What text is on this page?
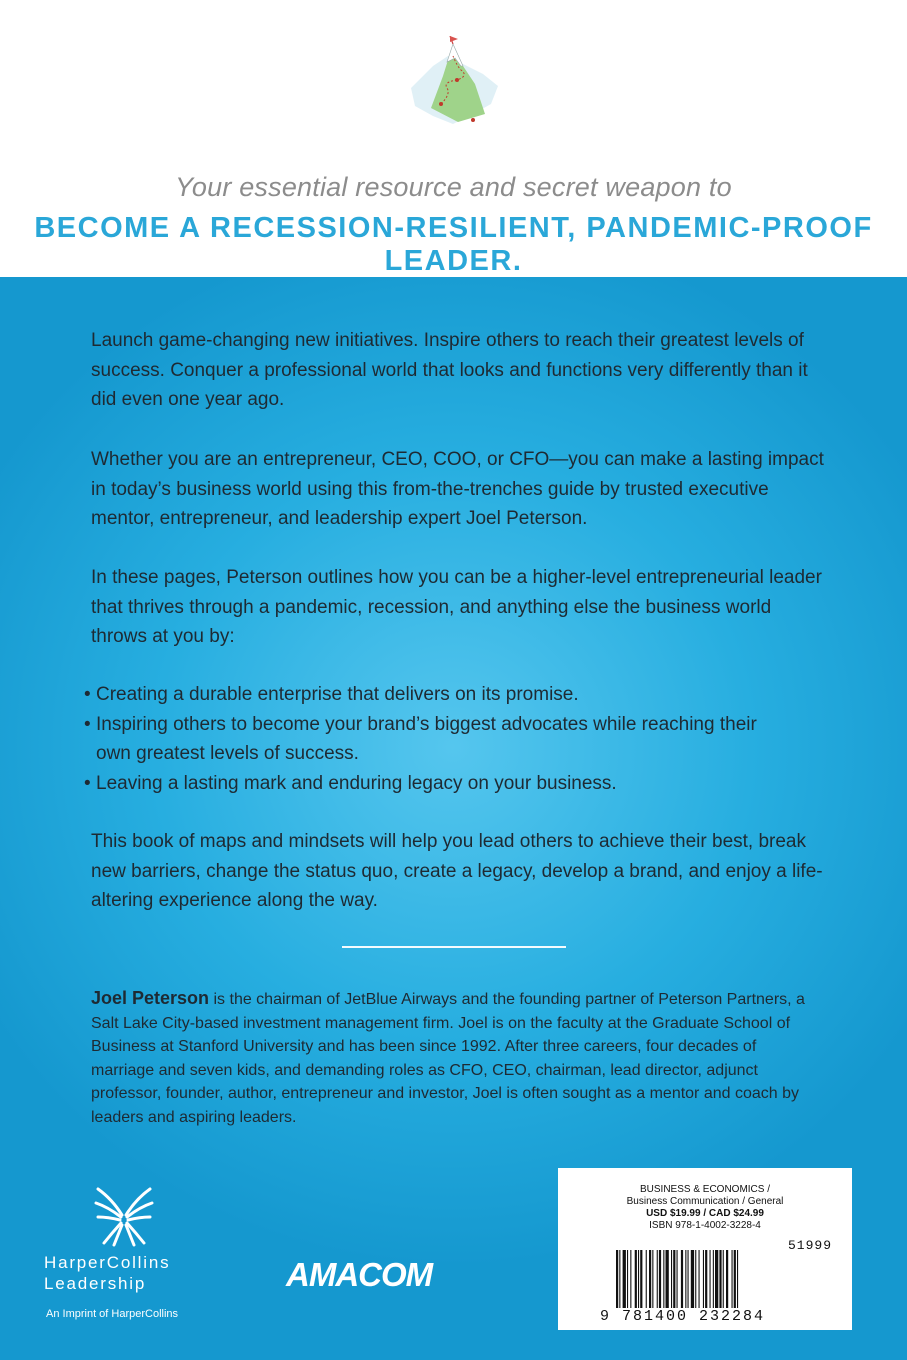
Your essential resource and secret weapon to
BECOME A RECESSION-RESILIENT, PANDEMIC-PROOF LEADER.

Launch game-changing new initiatives. Inspire others to reach their greatest levels of success. Conquer a professional world that looks and functions very differently than it did even one year ago.

Whether you are an entrepreneur, CEO, COO, or CFO—you can make a lasting impact in today’s business world using this from-the-trenches guide by trusted executive mentor, entrepreneur, and leadership expert Joel Peterson.

In these pages, Peterson outlines how you can be a higher-level entrepreneurial leader that thrives through a pandemic, recession, and anything else the business world throws at you by:

• Creating a durable enterprise that delivers on its promise.
• Inspiring others to become your brand’s biggest advocates while reaching their own greatest levels of success.
• Leaving a lasting mark and enduring legacy on your business.

This book of maps and mindsets will help you lead others to achieve their best, break new barriers, change the status quo, create a legacy, develop a brand, and enjoy a life-altering experience along the way.

Joel Peterson is the chairman of JetBlue Airways and the founding partner of Peterson Partners, a Salt Lake City-based investment management firm. Joel is on the faculty at the Graduate School of Business at Stanford University and has been since 1992. After three careers, four decades of marriage and seven kids, and demanding roles as CFO, CEO, chairman, lead director, adjunct professor, founder, author, entrepreneur and investor, Joel is often sought as a mentor and coach by leaders and aspiring leaders.

HarperCollins
Leadership

An Imprint of HarperCollins

AMACOM

BUSINESS & ECONOMICS /

Business Communication / General

USD $19.99 / CAD $24.99

ISBN 978-1-4002-3228-4

51999
9 781400 232284
